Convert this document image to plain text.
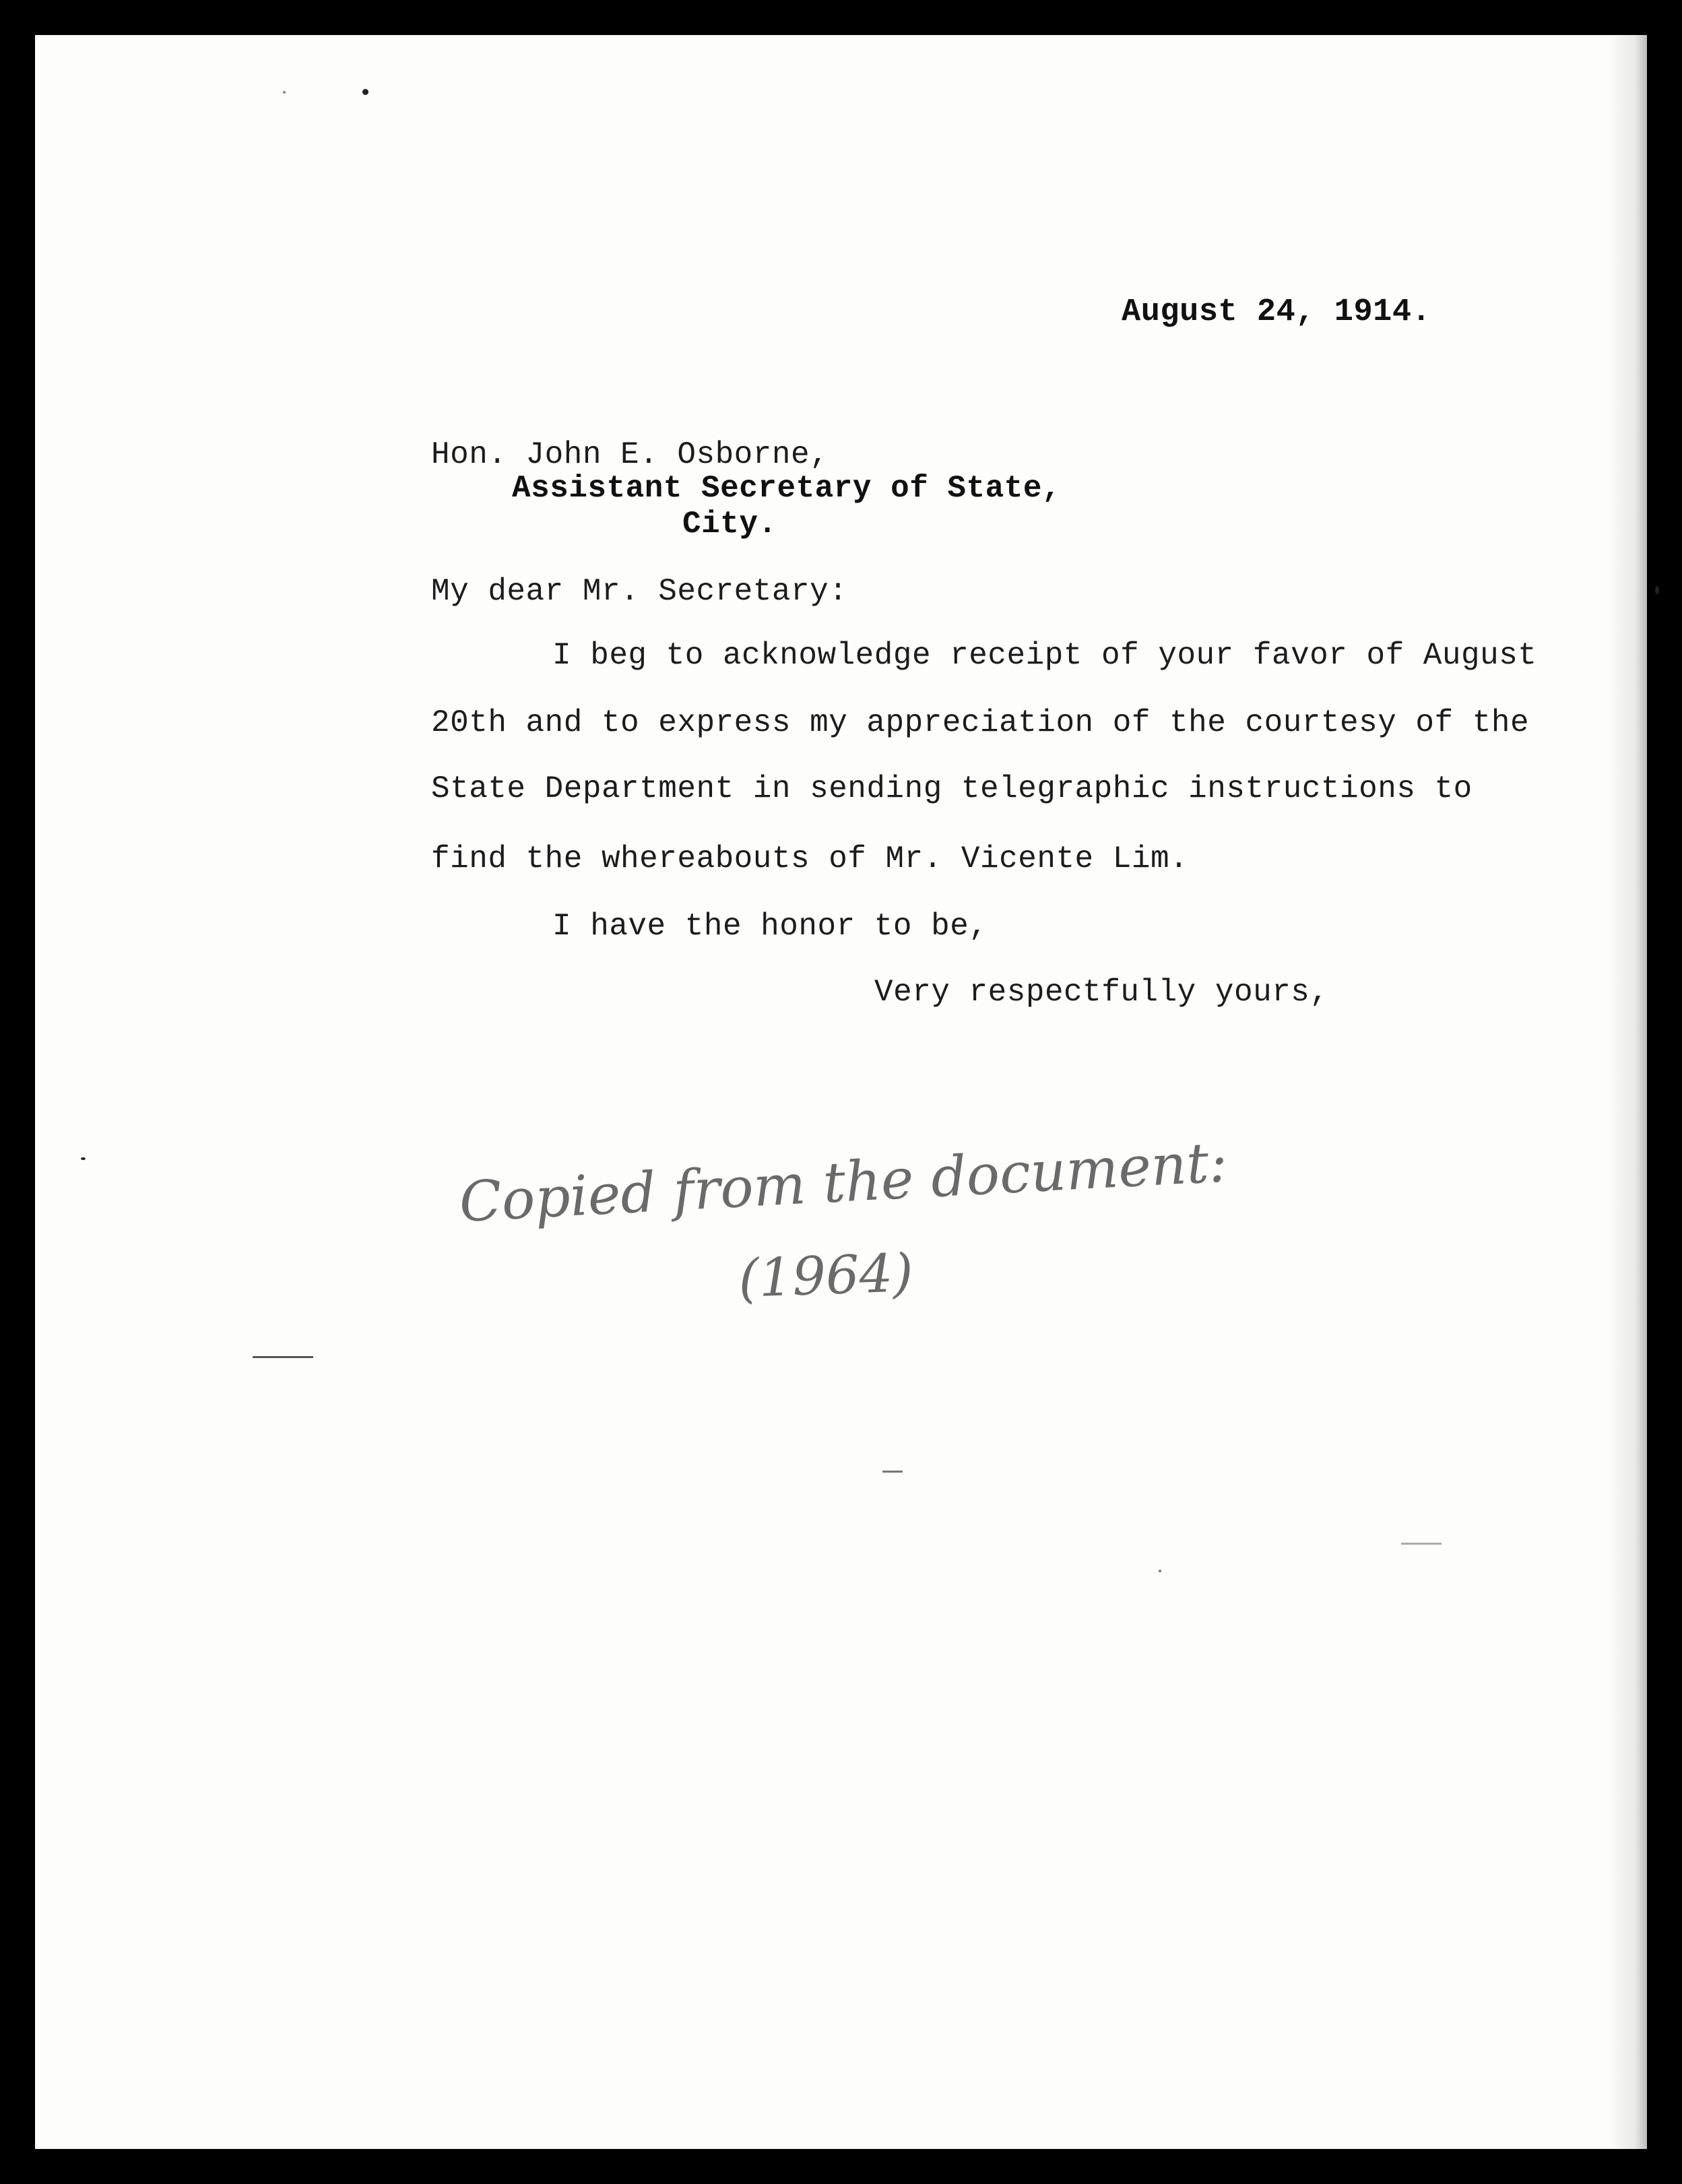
August 24, 1914.
Hon. John E. Osborne,
Assistant Secretary of State,
City.
My dear Mr. Secretary:
I beg to acknowledge receipt of your favor of August
20th and to express my appreciation of the courtesy of the
State Department in sending telegraphic instructions to
find the whereabouts of Mr. Vicente Lim.
I have the honor to be,
Very respectfully yours,
Copied from the document:
(1964)
